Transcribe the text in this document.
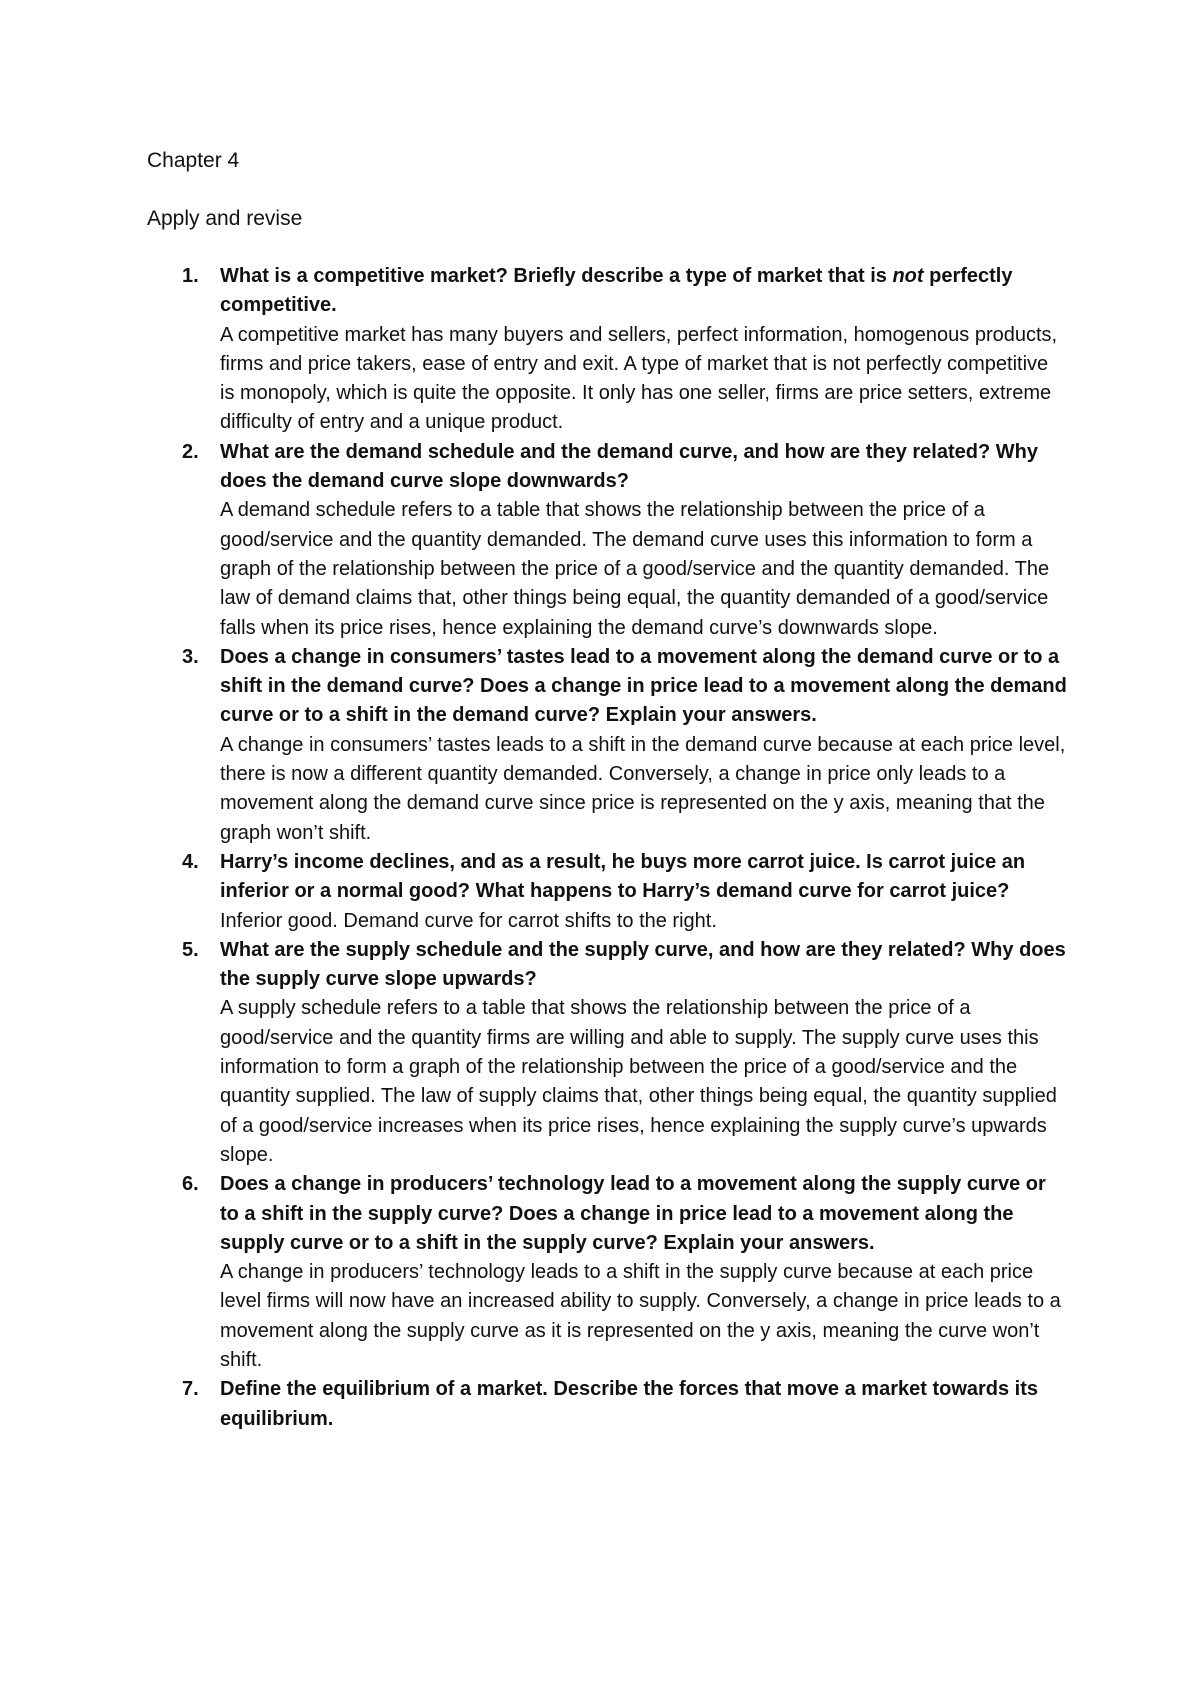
Chapter 4

Apply and revise

1. What is a competitive market? Briefly describe a type of market that is not perfectly competitive.

A competitive market has many buyers and sellers, perfect information, homogenous products, firms and price takers, ease of entry and exit. A type of market that is not perfectly competitive is monopoly, which is quite the opposite. It only has one seller, firms are price setters, extreme difficulty of entry and a unique product.

2. What are the demand schedule and the demand curve, and how are they related? Why does the demand curve slope downwards?

A demand schedule refers to a table that shows the relationship between the price of a good/service and the quantity demanded. The demand curve uses this information to form a graph of the relationship between the price of a good/service and the quantity demanded. The law of demand claims that, other things being equal, the quantity demanded of a good/service falls when its price rises, hence explaining the demand curve’s downwards slope.

3. Does a change in consumers’ tastes lead to a movement along the demand curve or to a shift in the demand curve? Does a change in price lead to a movement along the demand curve or to a shift in the demand curve? Explain your answers.

A change in consumers’ tastes leads to a shift in the demand curve because at each price level, there is now a different quantity demanded. Conversely, a change in price only leads to a movement along the demand curve since price is represented on the y axis, meaning that the graph won’t shift.

4. Harry’s income declines, and as a result, he buys more carrot juice. Is carrot juice an inferior or a normal good? What happens to Harry’s demand curve for carrot juice?

Inferior good. Demand curve for carrot shifts to the right.

5. What are the supply schedule and the supply curve, and how are they related? Why does the supply curve slope upwards?

A supply schedule refers to a table that shows the relationship between the price of a good/service and the quantity firms are willing and able to supply. The supply curve uses this information to form a graph of the relationship between the price of a good/service and the quantity supplied. The law of supply claims that, other things being equal, the quantity supplied of a good/service increases when its price rises, hence explaining the supply curve’s upwards slope.

6. Does a change in producers’ technology lead to a movement along the supply curve or to a shift in the supply curve? Does a change in price lead to a movement along the supply curve or to a shift in the supply curve? Explain your answers.

A change in producers’ technology leads to a shift in the supply curve because at each price level firms will now have an increased ability to supply. Conversely, a change in price leads to a movement along the supply curve as it is represented on the y axis, meaning the curve won’t shift.

7. Define the equilibrium of a market. Describe the forces that move a market towards its equilibrium.
